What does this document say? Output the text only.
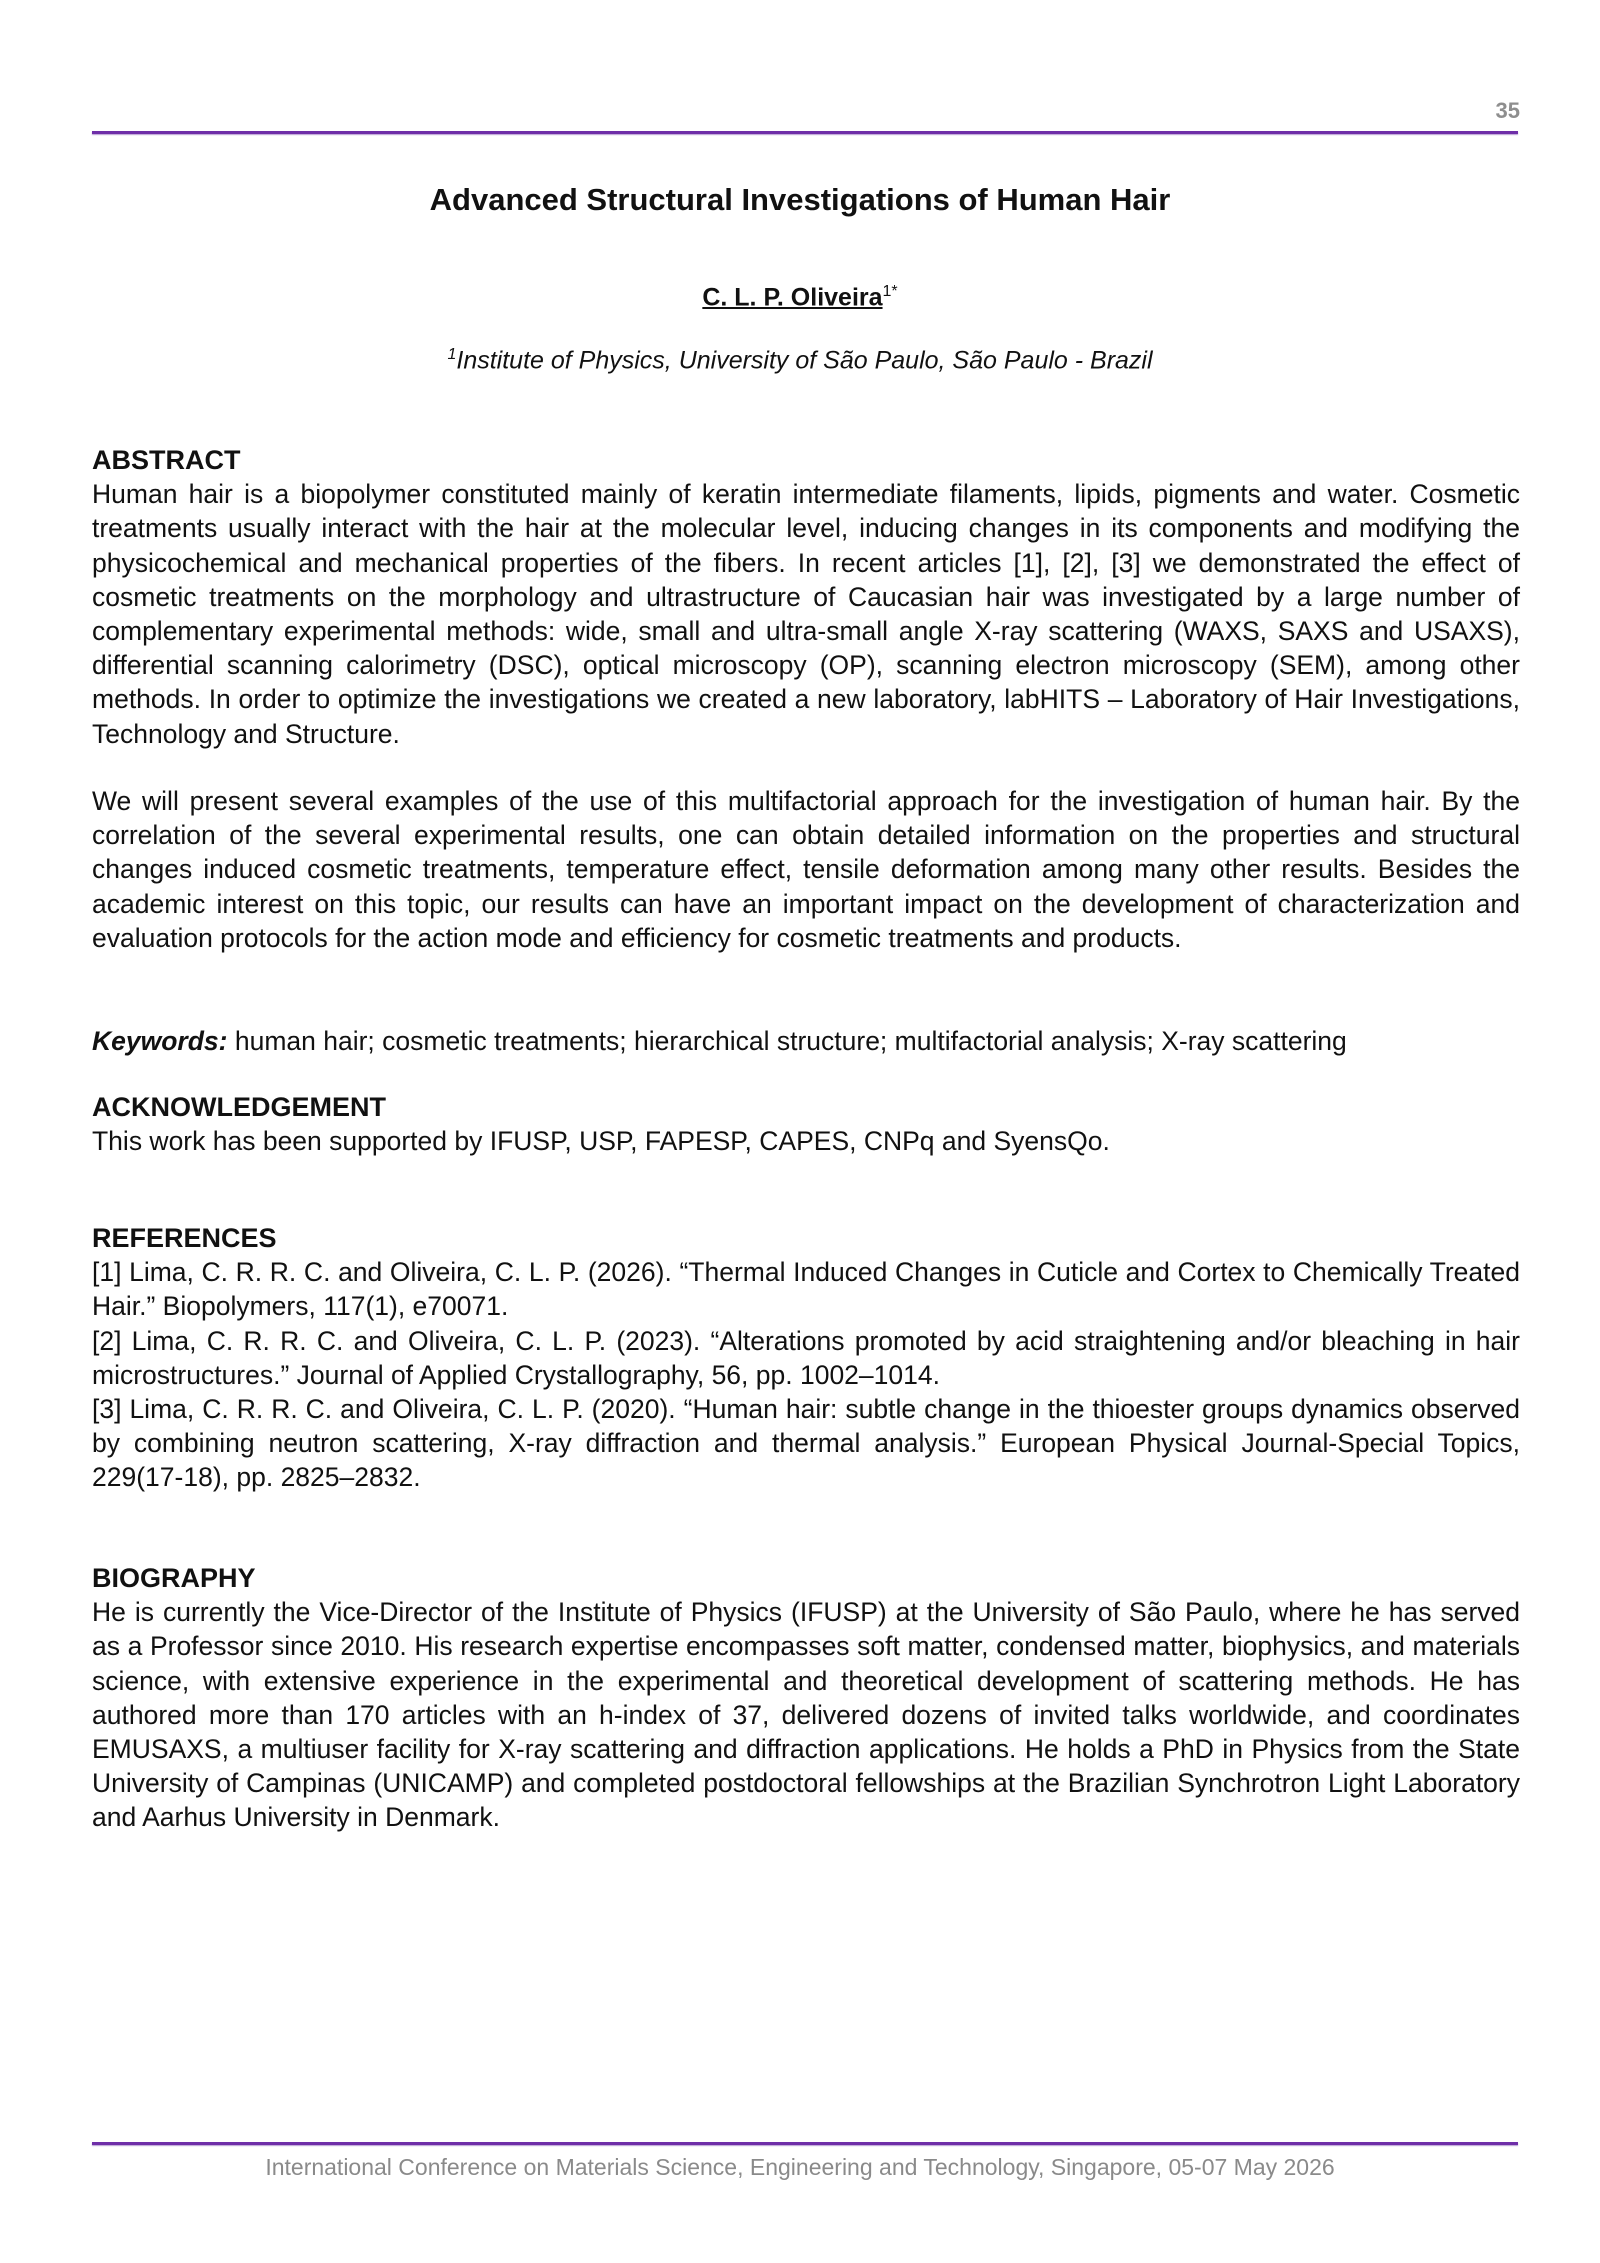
35
Advanced Structural Investigations of Human Hair
C. L. P. Oliveira$^{1*}$
$^1$Institute of Physics, University of São Paulo, São Paulo - Brazil
ABSTRACT

Human hair is a biopolymer constituted mainly of keratin intermediate filaments, lipids, pigments and water. Cosmetic treatments usually interact with the hair at the molecular level, inducing changes in its components and modifying the physicochemical and mechanical properties of the fibers. In recent articles [1], [2], [3] we demonstrated the effect of cosmetic treatments on the morphology and ultrastructure of Caucasian hair was investigated by a large number of complementary experimental methods: wide, small and ultra-small angle X-ray scattering (WAXS, SAXS and USAXS), differential scanning calorimetry (DSC), optical microscopy (OP), scanning electron microscopy (SEM), among other methods. In order to optimize the investigations we created a new laboratory, labHITS – Laboratory of Hair Investigations, Technology and Structure.

We will present several examples of the use of this multifactorial approach for the investigation of human hair. By the correlation of the several experimental results, one can obtain detailed information on the properties and structural changes induced cosmetic treatments, temperature effect, tensile deformation among many other results. Besides the academic interest on this topic, our results can have an important impact on the development of characterization and evaluation protocols for the action mode and efficiency for cosmetic treatments and products.

Keywords: human hair; cosmetic treatments; hierarchical structure; multifactorial analysis; X-ray scattering
ACKNOWLEDGEMENT

This work has been supported by IFUSP, USP, FAPESP, CAPES, CNPq and SyensQo.

REFERENCES

[1] Lima, C. R. R. C. and Oliveira, C. L. P. (2026). “Thermal Induced Changes in Cuticle and Cortex to Chemically Treated Hair.” Biopolymers, 117(1), e70071.

[2] Lima, C. R. R. C. and Oliveira, C. L. P. (2023). “Alterations promoted by acid straightening and/or bleaching in hair microstructures.” Journal of Applied Crystallography, 56, pp. 1002–1014.

[3] Lima, C. R. R. C. and Oliveira, C. L. P. (2020). “Human hair: subtle change in the thioester groups dynamics observed by combining neutron scattering, X-ray diffraction and thermal analysis.” European Physical Journal-Special Topics, 229(17-18), pp. 2825–2832.

BIOGRAPHY

He is currently the Vice-Director of the Institute of Physics (IFUSP) at the University of São Paulo, where he has served as a Professor since 2010. His research expertise encompasses soft matter, condensed matter, biophysics, and materials science, with extensive experience in the experimental and theoretical development of scattering methods. He has authored more than 170 articles with an h-index of 37, delivered dozens of invited talks worldwide, and coordinates EMUSAXS, a multiuser facility for X-ray scattering and diffraction applications. He holds a PhD in Physics from the State University of Campinas (UNICAMP) and completed postdoctoral fellowships at the Brazilian Synchrotron Light Laboratory and Aarhus University in Denmark.

International Conference on Materials Science, Engineering and Technology, Singapore, 05-07 May 2026
